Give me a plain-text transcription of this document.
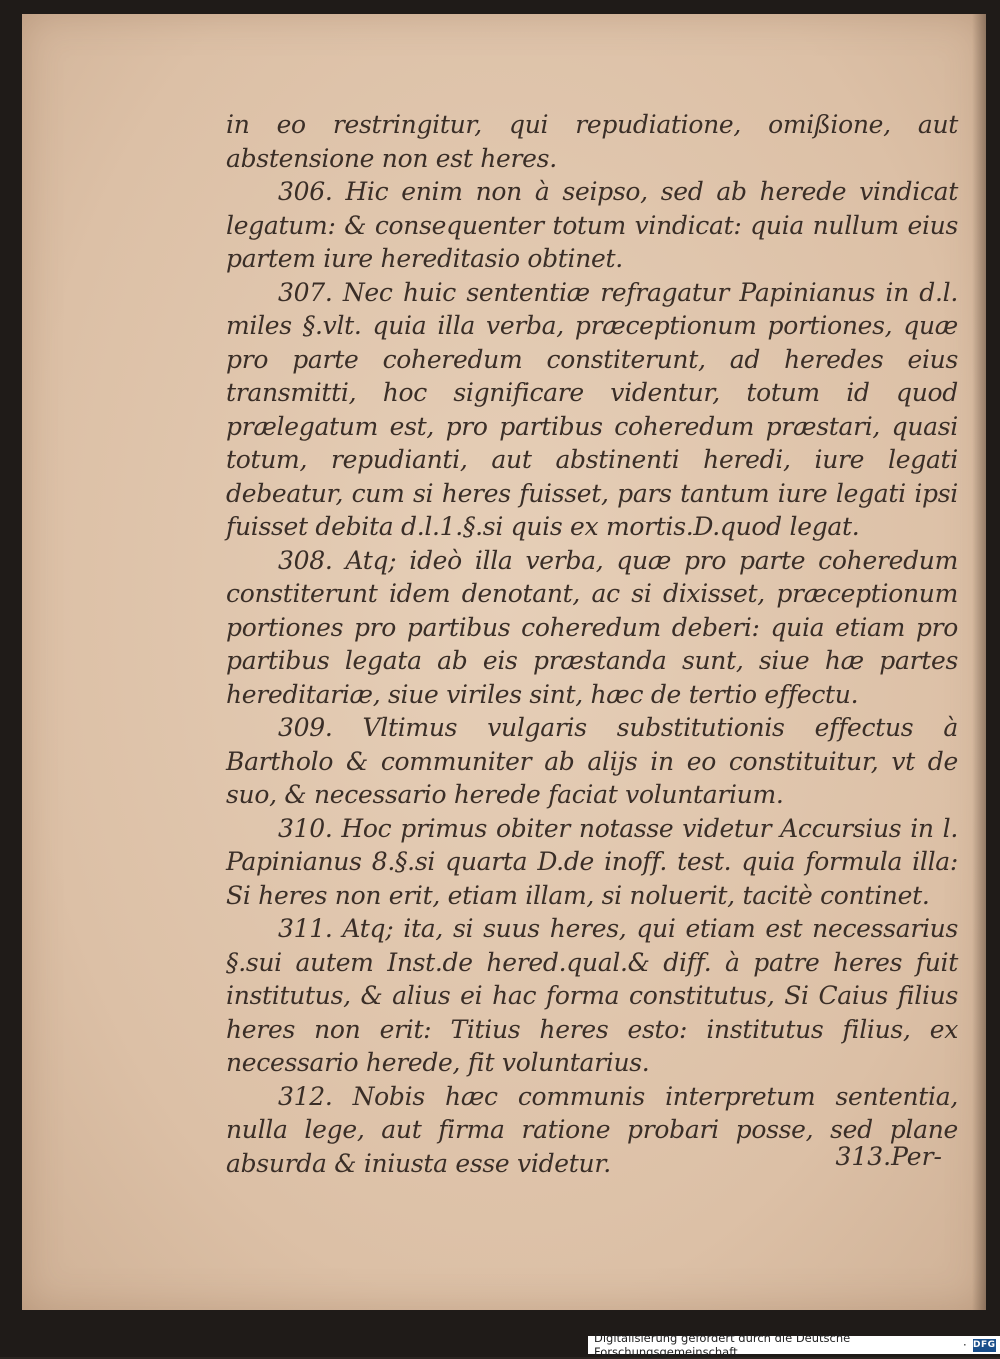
in eo restringitur, qui repudiatione, omißione, aut abstensione non est heres.

306. Hic enim non à seipso, sed ab herede vindicat legatum: & consequenter totum vindicat: quia nullum eius partem iure hereditasio obtinet.

307. Nec huic sententiæ refragatur Papinianus in d.l. miles §.vlt. quia illa verba, præceptionum portiones, quæ pro parte coheredum constiterunt, ad heredes eius transmitti, hoc significare videntur, totum id quod prælegatum est, pro partibus coheredum præstari, quasi totum, repudianti, aut abstinenti heredi, iure legati debeatur, cum si heres fuisset, pars tantum iure legati ipsi fuisset debita d.l.1.§.si quis ex mortis.D.quod legat.

308. Atq; ideò illa verba, quæ pro parte coheredum constiterunt idem denotant, ac si dixisset, præceptionum portiones pro partibus coheredum deberi: quia etiam pro partibus legata ab eis præstanda sunt, siue hæ partes hereditariæ, siue viriles sint, hæc de tertio effectu.

309. Vltimus vulgaris substitutionis effectus à Bartholo & communiter ab alijs in eo constituitur, vt de suo, & necessario herede faciat voluntarium.

310. Hoc primus obiter notasse videtur Accursius in l. Papinianus 8.§.si quarta D.de inoff. test. quia formula illa: Si heres non erit, etiam illam, si noluerit, tacitè continet.

311. Atq; ita, si suus heres, qui etiam est necessarius §.sui autem Inst.de hered.qual.& diff. à patre heres fuit institutus, & alius ei hac forma constitutus, Si Caius filius heres non erit: Titius heres esto: institutus filius, ex necessario herede, fit voluntarius.

312. Nobis hæc communis interpretum sententia, nulla lege, aut firma ratione probari posse, sed plane absurda & iniusta esse videtur.	313.Per-
Digitalisierung gefördert durch die Deutsche Forschungsgemeinschaft	· DFG
